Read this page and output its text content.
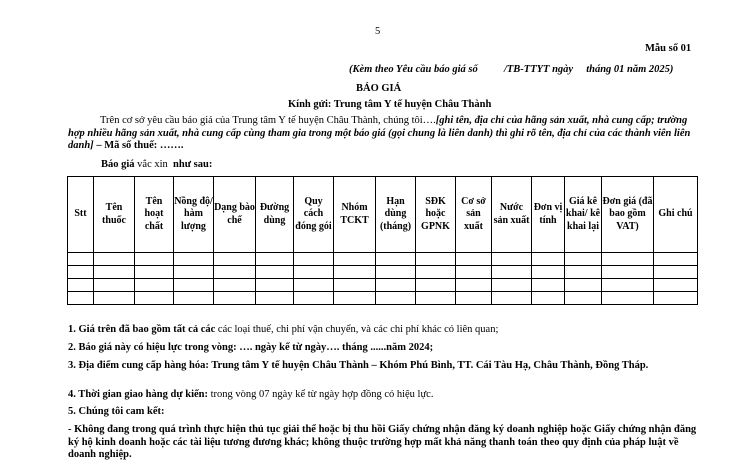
5
Mẫu số 01
(Kèm theo Yêu cầu báo giá số          /TB-TTYT ngày     tháng 01 năm 2025)
BÁO GIÁ
Kính gửi: Trung tâm Y tế huyện Châu Thành
Trên cơ sở yêu cầu báo giá của Trung tâm Y tế huyện Châu Thành, chúng tôi….[ghi tên, địa chỉ của hãng sản xuất, nhà cung cấp; trường hợp nhiều hãng sản xuất, nhà cung cấp cùng tham gia trong một báo giá (gọi chung là liên danh) thì ghi rõ tên, địa chỉ của các thành viên liên danh] – Mã số thuế: …….
Báo giá vắc xin  như sau:
Stt	Tên thuốc	Tên hoạt chất	Nồng độ/ hàm lượng	Dạng bào chế	Đường dùng	Quy cách đóng gói	Nhóm TCKT	Hạn dùng (tháng)	SĐK hoặc GPNK	Cơ sở sản xuất	Nước sản xuất	Đơn vị tính	Giá kê khai/ kê khai lại	Đơn giá (đã bao gồm VAT)	Ghi chú

1. Giá trên đã bao gồm tất cả các các loại thuế, chi phí vận chuyển, và các chi phí khác có liên quan;
2. Báo giá này có hiệu lực trong vòng: …. ngày kể từ ngày…. tháng ......năm 2024;
3. Địa điểm cung cấp hàng hóa: Trung tâm Y tế huyện Châu Thành – Khóm Phú Bình, TT. Cái Tàu Hạ, Châu Thành, Đồng Tháp.
4. Thời gian giao hàng dự kiến: trong vòng 07 ngày kể từ ngày hợp đồng có hiệu lực.
5. Chúng tôi cam kết:
- Không đang trong quá trình thực hiện thủ tục giải thể hoặc bị thu hồi Giấy chứng nhận đăng ký doanh nghiệp hoặc Giấy chứng nhận đăng ký hộ kinh doanh hoặc các tài liệu tương đương khác; không thuộc trường hợp mất khả năng thanh toán theo quy định của pháp luật về doanh nghiệp.
